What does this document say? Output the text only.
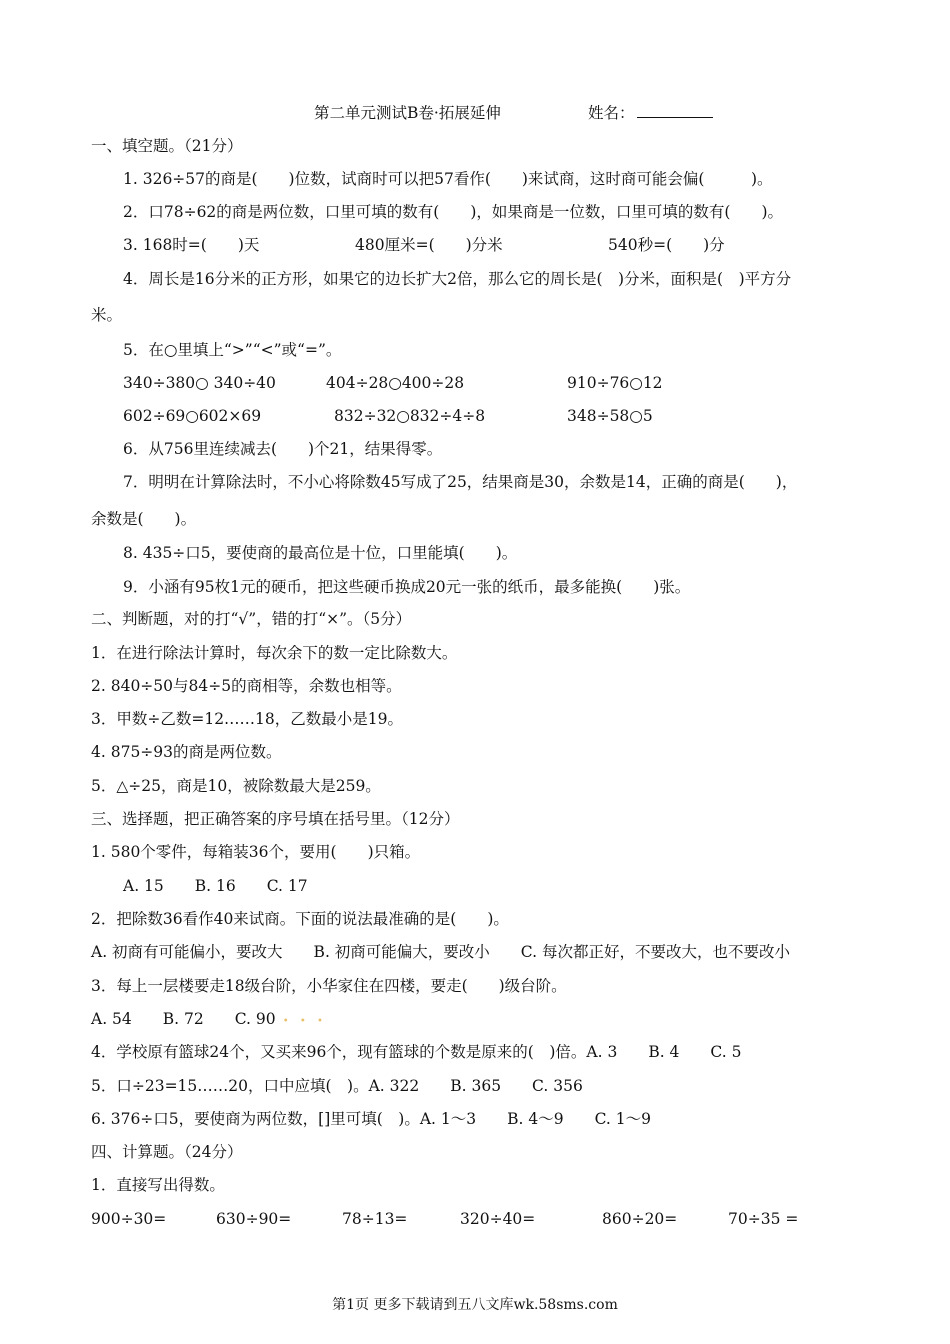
第二单元测试B卷·拓展延伸	姓名：
一、填空题。（21分）
1. 326÷57的商是(　　)位数，试商时可以把57看作(　　)来试商，这时商可能会偏(　　　)。
2．口78÷62的商是两位数，口里可填的数有(　　)，如果商是一位数，口里可填的数有(　　)。
3. 168时=(　　)天	480厘米=(　　)分米	540秒=(　　)分
4．周长是16分米的正方形，如果它的边长扩大2倍，那么它的周长是(　)分米，面积是(　)平方分
米。
5．在○里填上“>”“<”或“=”。
340÷380○ 340÷40	404÷28○400÷28	910÷76○12
602÷69○602×69	832÷32○832÷4÷8	348÷58○5
6．从756里连续减去(　　)个21，结果得零。
7．明明在计算除法时，不小心将除数45写成了25，结果商是30，余数是14，正确的商是(　　)，
余数是(　　)。
8. 435÷口5，要使商的最高位是十位，口里能填(　　)。
9．小涵有95枚1元的硬币，把这些硬币换成20元一张的纸币，最多能换(　　)张。
二、判断题，对的打“√”，错的打“×”。（5分）
1．在进行除法计算时，每次余下的数一定比除数大。
2. 840÷50与84÷5的商相等，余数也相等。
3．甲数÷乙数=12……18，乙数最小是19。
4. 875÷93的商是两位数。
5．△÷25，商是10，被除数最大是259。
三、选择题，把正确答案的序号填在括号里。（12分）
1. 580个零件，每箱装36个，要用(　　)只箱。
A. 15　　B. 16　　C. 17
2．把除数36看作40来试商。下面的说法最准确的是(　　)。
A. 初商有可能偏小，要改大　　B. 初商可能偏大，要改小　　C. 每次都正好，不要改大，也不要改小
3．每上一层楼要走18级台阶，小华家住在四楼，要走(　　)级台阶。
A. 54　　B. 72　　C. 90 • • •
4．学校原有篮球24个，又买来96个，现有篮球的个数是原来的(　)倍。A. 3　　B. 4　　C. 5
5．口÷23=15……20，口中应填(　)。A. 322　　B. 365　　C. 356
6. 376÷口5，要使商为两位数，[]里可填(　)。A. 1～3　　B. 4～9　　C. 1～9
四、计算题。（24分）
1．直接写出得数。
900÷30=	630÷90=	78÷13=	320÷40=	860÷20=	70÷35 =
第1页 更多下载请到五八文库wk.58sms.com
